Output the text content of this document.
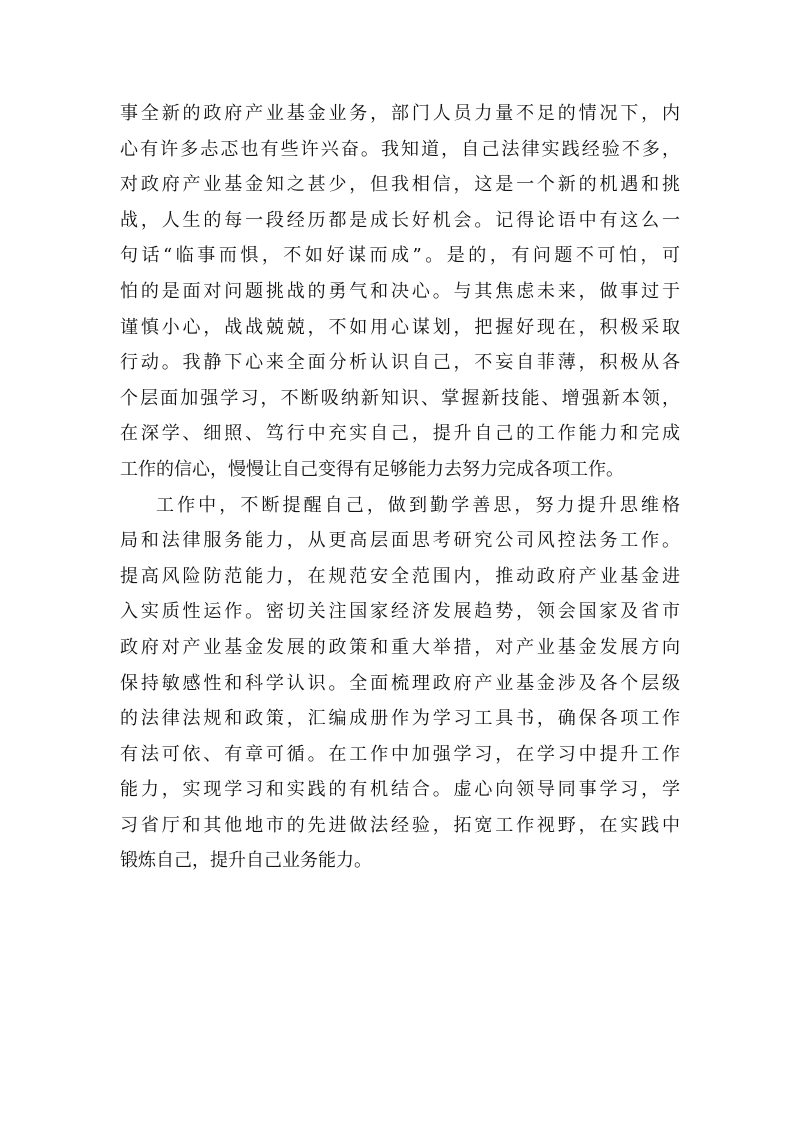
事全新的政府产业基金业务，部门人员力量不足的情况下，内
心有许多忐忑也有些许兴奋。我知道，自己法律实践经验不多，
对政府产业基金知之甚少，但我相信，这是一个新的机遇和挑
战，人生的每一段经历都是成长好机会。记得论语中有这么一
句话“临事而惧，不如好谋而成”。是的，有问题不可怕，可
怕的是面对问题挑战的勇气和决心。与其焦虑未来，做事过于
谨慎小心，战战兢兢，不如用心谋划，把握好现在，积极采取
行动。我静下心来全面分析认识自己，不妄自菲薄，积极从各
个层面加强学习，不断吸纳新知识、掌握新技能、增强新本领，
在深学、细照、笃行中充实自己，提升自己的工作能力和完成
工作的信心，慢慢让自己变得有足够能力去努力完成各项工作。
工作中，不断提醒自己，做到勤学善思，努力提升思维格
局和法律服务能力，从更高层面思考研究公司风控法务工作。
提高风险防范能力，在规范安全范围内，推动政府产业基金进
入实质性运作。密切关注国家经济发展趋势，领会国家及省市
政府对产业基金发展的政策和重大举措，对产业基金发展方向
保持敏感性和科学认识。全面梳理政府产业基金涉及各个层级
的法律法规和政策，汇编成册作为学习工具书，确保各项工作
有法可依、有章可循。在工作中加强学习，在学习中提升工作
能力，实现学习和实践的有机结合。虚心向领导同事学习，学
习省厅和其他地市的先进做法经验，拓宽工作视野，在实践中
锻炼自己，提升自己业务能力。
